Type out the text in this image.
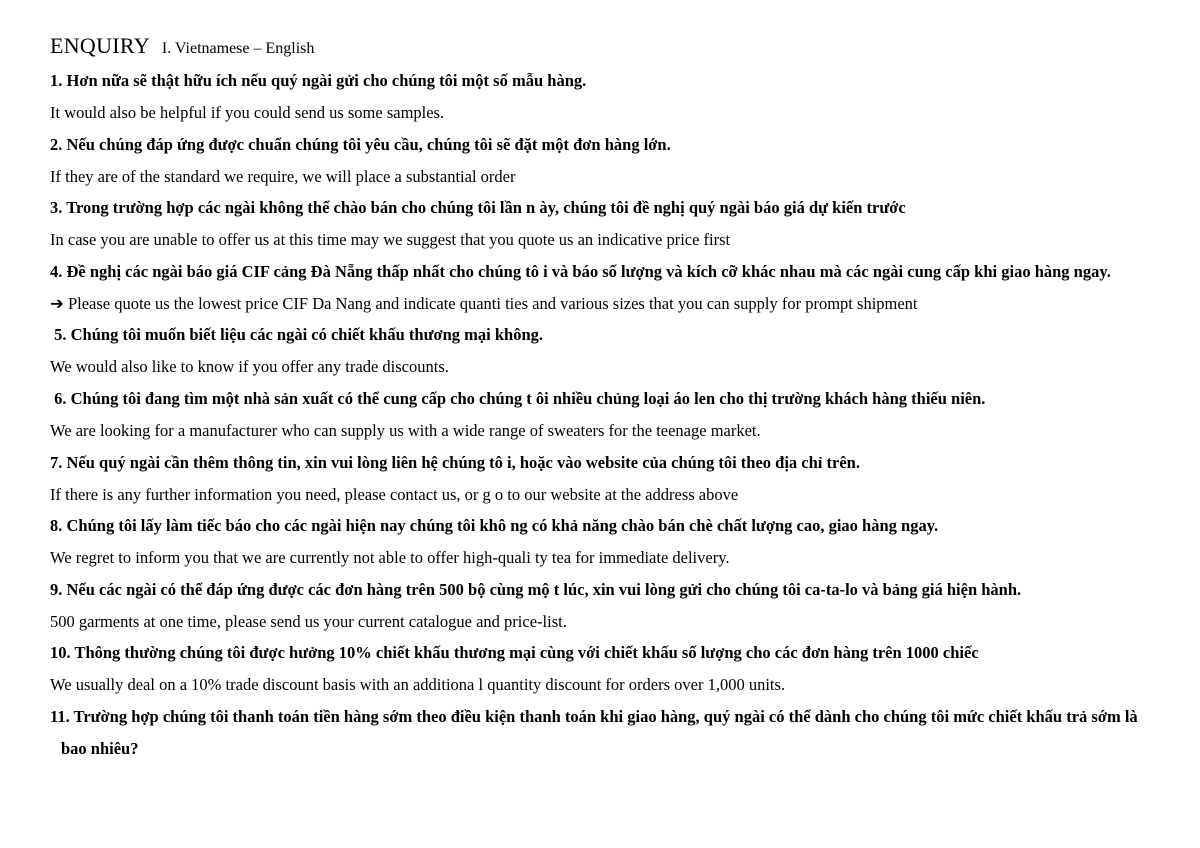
ENQUIRY I. Vietnamese – English
1. Hơn nữa sẽ thật hữu ích nếu quý ngài gửi cho chúng tôi một số mẫu hàng.
It would also be helpful if you could send us some samples.
2. Nếu chúng đáp ứng được chuẩn chúng tôi yêu cầu, chúng tôi sẽ đặt một đơn hàng lớn.
If they are of the standard we require, we will place a substantial order
3. Trong trường hợp các ngài không thể chào bán cho chúng tôi lần n ày, chúng tôi đề nghị quý ngài báo giá dự kiến trước
In case you are unable to offer us at this time may we suggest that you quote us an indicative price first
4. Đề nghị các ngài báo giá CIF cảng Đà Nẵng thấp nhất cho chúng tô i và báo số lượng và kích cỡ khác nhau mà các ngài cung cấp khi giao hàng ngay.
➔ Please quote us the lowest price CIF Da Nang and indicate quanti ties and various sizes that you can supply for prompt shipment
5. Chúng tôi muốn biết liệu các ngài có chiết khấu thương mại không.
We would also like to know if you offer any trade discounts.
6. Chúng tôi đang tìm một nhà sản xuất có thể cung cấp cho chúng t ôi nhiều chủng loại áo len cho thị trường khách hàng thiếu niên.
We are looking for a manufacturer who can supply us with a wide range of sweaters for the teenage market.
7. Nếu quý ngài cần thêm thông tin, xin vui lòng liên hệ chúng tô i, hoặc vào website của chúng tôi theo địa chỉ trên.
If there is any further information you need, please contact us, or g o to our website at the address above
8. Chúng tôi lấy làm tiếc báo cho các ngài hiện nay chúng tôi khô ng có khả năng chào bán chè chất lượng cao, giao hàng ngay.
We regret to inform you that we are currently not able to offer high-quali ty tea for immediate delivery.
9. Nếu các ngài có thể đáp ứng được các đơn hàng trên 500 bộ cùng mộ t lúc, xin vui lòng gửi cho chúng tôi ca-ta-lo và bảng giá hiện hành.
500 garments at one time, please send us your current catalogue and price-list.
10. Thông thường chúng tôi được hưởng 10% chiết khấu thương mại cùng với chiết khấu số lượng cho các đơn hàng trên 1000 chiếc
We usually deal on a 10% trade discount basis with an additiona l quantity discount for orders over 1,000 units.
11. Trường hợp chúng tôi thanh toán tiền hàng sớm theo điều kiện thanh toán khi giao hàng, quý ngài có thể dành cho chúng tôi mức chiết khấu trả sớm là bao nhiêu?
